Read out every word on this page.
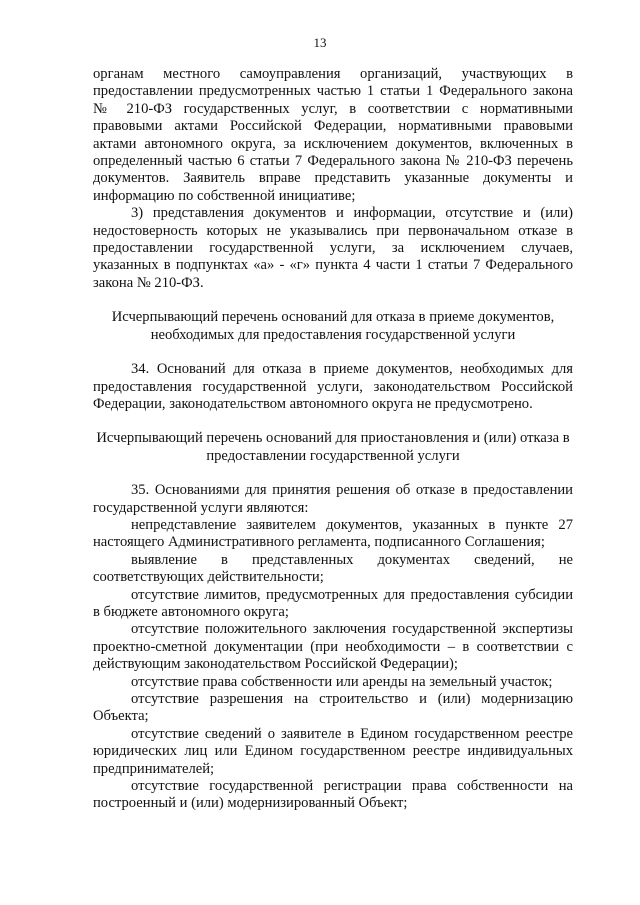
13

органам местного самоуправления организаций, участвующих в предоставлении предусмотренных частью 1 статьи 1 Федерального закона № 210-ФЗ государственных услуг, в соответствии с нормативными правовыми актами Российской Федерации, нормативными правовыми актами автономного округа, за исключением документов, включенных в определенный частью 6 статьи 7 Федерального закона № 210-ФЗ перечень документов. Заявитель вправе представить указанные документы и информацию по собственной инициативе;

3) представления документов и информации, отсутствие и (или) недостоверность которых не указывались при первоначальном отказе в предоставлении государственной услуги, за исключением случаев, указанных в подпунктах «а» - «г» пункта 4 части 1 статьи 7 Федерального закона № 210-ФЗ.

Исчерпывающий перечень оснований для отказа в приеме документов, необходимых для предоставления государственной услуги

34. Оснований для отказа в приеме документов, необходимых для предоставления государственной услуги, законодательством Российской Федерации, законодательством автономного округа не предусмотрено.

Исчерпывающий перечень оснований для приостановления и (или) отказа в предоставлении государственной услуги

35. Основаниями для принятия решения об отказе в предоставлении государственной услуги являются:

непредставление заявителем документов, указанных в пункте 27 настоящего Административного регламента, подписанного Соглашения;

выявление в представленных документах сведений, не соответствующих действительности;

отсутствие лимитов, предусмотренных для предоставления субсидии в бюджете автономного округа;

отсутствие положительного заключения государственной экспертизы проектно-сметной документации (при необходимости – в соответствии с действующим законодательством Российской Федерации);

отсутствие права собственности или аренды на земельный участок;

отсутствие разрешения на строительство и (или) модернизацию Объекта;

отсутствие сведений о заявителе в Едином государственном реестре юридических лиц или Едином государственном реестре индивидуальных предпринимателей;

отсутствие государственной регистрации права собственности на построенный и (или) модернизированный Объект;
